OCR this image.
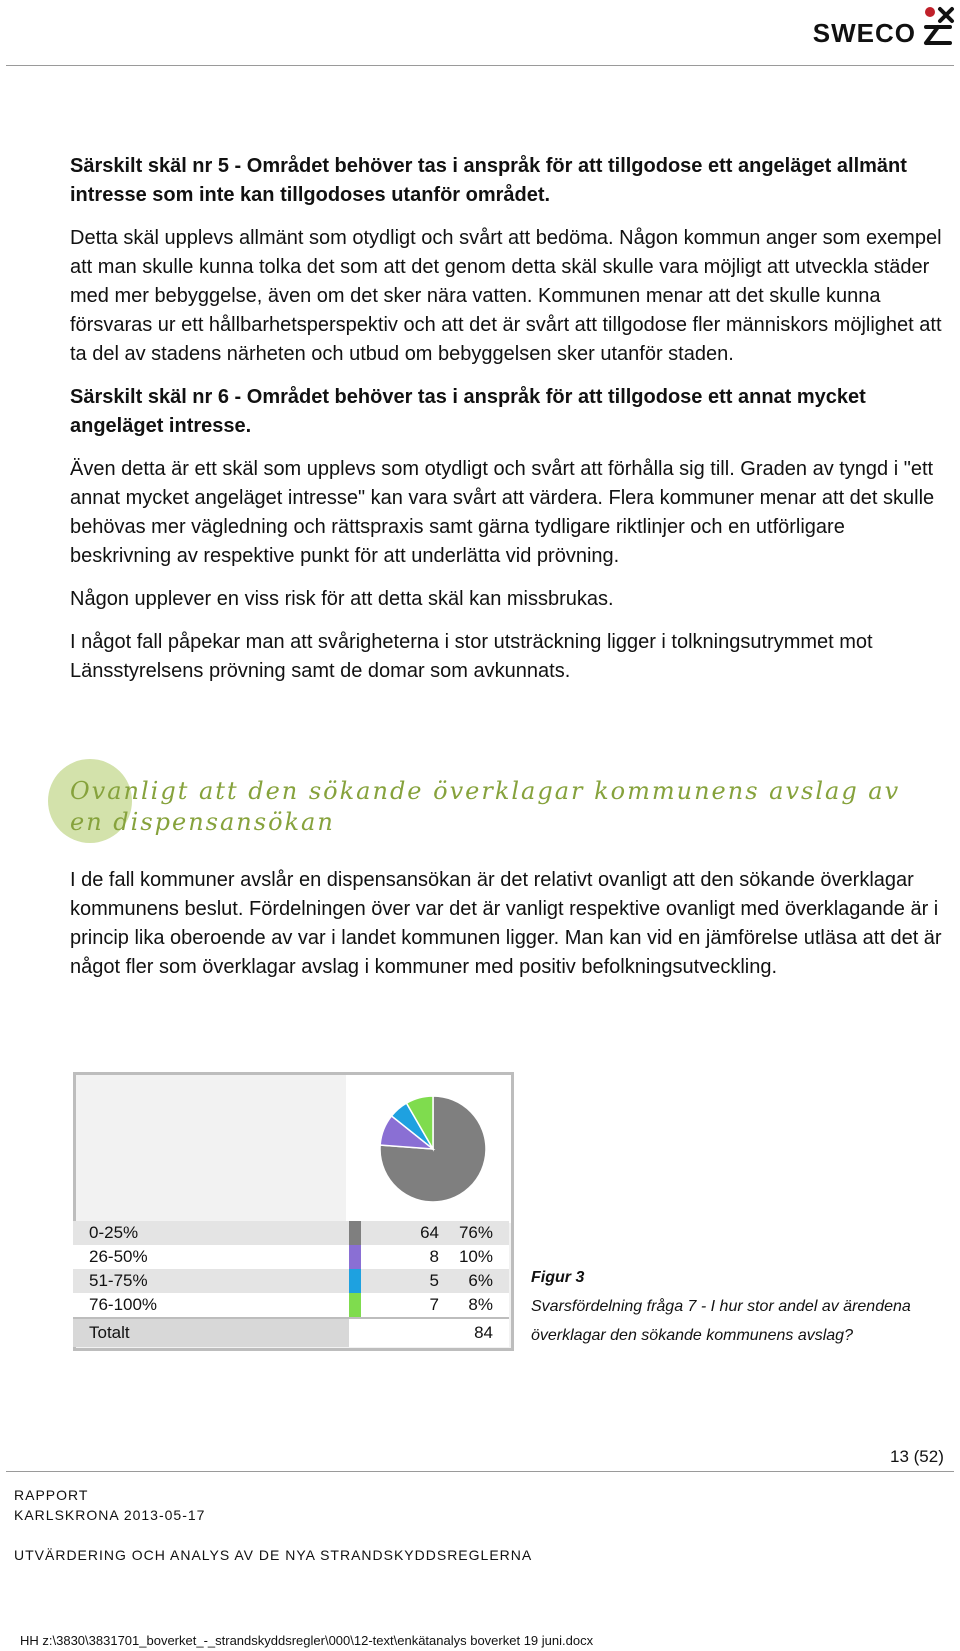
SWECO

Särskilt skäl nr 5 - Området behöver tas i anspråk för att tillgodose ett angeläget allmänt intresse som inte kan tillgodoses utanför området.

Detta skäl upplevs allmänt som otydligt och svårt att bedöma. Någon kommun anger som exempel att man skulle kunna tolka det som att det genom detta skäl skulle vara möjligt att utveckla städer med mer bebyggelse, även om det sker nära vatten. Kommunen menar att det skulle kunna försvaras ur ett hållbarhetsperspektiv och att det är svårt att tillgodose fler människors möjlighet att ta del av stadens närheten och utbud om bebyggelsen sker utanför staden.

Särskilt skäl nr 6 - Området behöver tas i anspråk för att tillgodose ett annat mycket angeläget intresse.

Även detta är ett skäl som upplevs som otydligt och svårt att förhålla sig till. Graden av tyngd i "ett annat mycket angeläget intresse" kan vara svårt att värdera. Flera kommuner menar att det skulle behövas mer vägledning och rättspraxis samt gärna tydligare riktlinjer och en utförligare beskrivning av respektive punkt för att underlätta vid prövning.

Någon upplever en viss risk för att detta skäl kan missbrukas.

I något fall påpekar man att svårigheterna i stor utsträckning ligger i tolkningsutrymmet mot Länsstyrelsens prövning samt de domar som avkunnats.

Ovanligt att den sökande överklagar kommunens avslag av en dispensansökan

I de fall kommuner avslår en dispensansökan är det relativt ovanligt att den sökande överklagar kommunens beslut. Fördelningen över var det är vanligt respektive ovanligt med överklagande är i princip lika oberoende av var i landet kommunen ligger. Man kan vid en jämförelse utläsa att det är något fler som överklagar avslag i kommuner med positiv befolkningsutveckling.

0-25%		64	76%
26-50%		8	10%
51-75%		5	6%
76-100%		7	8%
Totalt	84		
Figur 3
Svarsfördelning fråga 7 - I hur stor andel av ärendena överklagar den sökande kommunens avslag?
13 (52)
RAPPORT
KARLSKRONA 2013-05-17
UTVÄRDERING OCH ANALYS AV DE NYA STRANDSKYDDSREGLERNA
HH z:\3830\3831701_boverket_-_strandskyddsregler\000\12-text\enkätanalys boverket 19 juni.docx
